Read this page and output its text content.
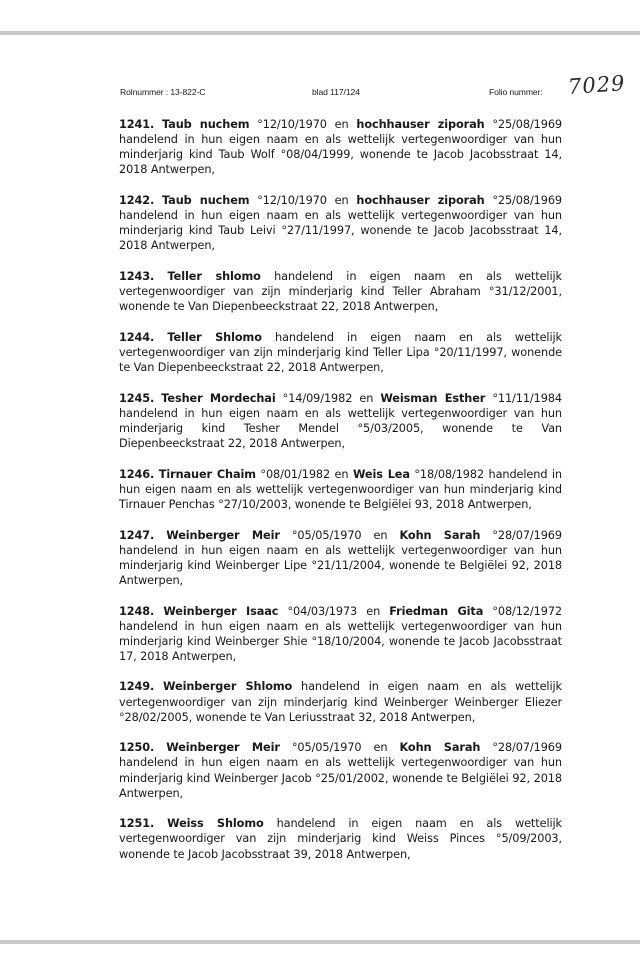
Rolnummer : 13-822-C	blad 117/124	Folio nummer: 7029

1241. Taub nuchem °12/10/1970 en hochhauser ziporah °25/08/1969 handelend in hun eigen naam en als wettelijk vertegenwoordiger van hun minderjarig kind Taub Wolf °08/04/1999, wonende te Jacob Jacobsstraat 14, 2018 Antwerpen,

1242. Taub nuchem °12/10/1970 en hochhauser ziporah °25/08/1969 handelend in hun eigen naam en als wettelijk vertegenwoordiger van hun minderjarig kind Taub Leivi °27/11/1997, wonende te Jacob Jacobsstraat 14, 2018 Antwerpen,

1243. Teller shlomo handelend in eigen naam en als wettelijk vertegenwoordiger van zijn minderjarig kind Teller Abraham °31/12/2001, wonende te Van Diepenbeeckstraat 22, 2018 Antwerpen,

1244. Teller Shlomo handelend in eigen naam en als wettelijk vertegenwoordiger van zijn minderjarig kind Teller Lipa °20/11/1997, wonende te Van Diepenbeeckstraat 22, 2018 Antwerpen,

1245. Tesher Mordechai °14/09/1982 en Weisman Esther °11/11/1984 handelend in hun eigen naam en als wettelijk vertegenwoordiger van hun minderjarig kind Tesher Mendel °5/03/2005, wonende te Van Diepenbeeckstraat 22, 2018 Antwerpen,

1246. Tirnauer Chaim °08/01/1982 en Weis Lea °18/08/1982 handelend in hun eigen naam en als wettelijk vertegenwoordiger van hun minderjarig kind Tirnauer Penchas °27/10/2003, wonende te Belgiëlei 93, 2018 Antwerpen,

1247. Weinberger Meir °05/05/1970 en Kohn Sarah °28/07/1969 handelend in hun eigen naam en als wettelijk vertegenwoordiger van hun minderjarig kind Weinberger Lipe °21/11/2004, wonende te Belgiëlei 92, 2018 Antwerpen,

1248. Weinberger Isaac °04/03/1973 en Friedman Gita °08/12/1972 handelend in hun eigen naam en als wettelijk vertegenwoordiger van hun minderjarig kind Weinberger Shie °18/10/2004, wonende te Jacob Jacobsstraat 17, 2018 Antwerpen,

1249. Weinberger Shlomo handelend in eigen naam en als wettelijk vertegenwoordiger van zijn minderjarig kind Weinberger Weinberger Eliezer °28/02/2005, wonende te Van Leriusstraat 32, 2018 Antwerpen,

1250. Weinberger Meir °05/05/1970 en Kohn Sarah °28/07/1969 handelend in hun eigen naam en als wettelijk vertegenwoordiger van hun minderjarig kind Weinberger Jacob °25/01/2002, wonende te Belgiëlei 92, 2018 Antwerpen,

1251. Weiss Shlomo handelend in eigen naam en als wettelijk vertegenwoordiger van zijn minderjarig kind Weiss Pinces °5/09/2003, wonende te Jacob Jacobsstraat 39, 2018 Antwerpen,
